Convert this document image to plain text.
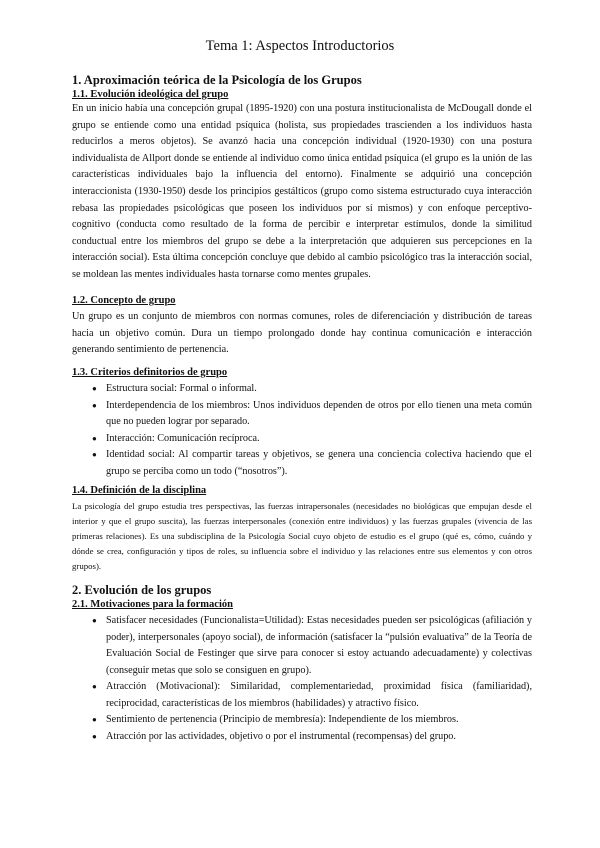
Tema 1: Aspectos Introductorios
1. Aproximación teórica de la Psicología de los Grupos
1.1. Evolución ideológica del grupo

En un inicio había una concepción grupal (1895-1920) con una postura institucionalista de McDougall donde el grupo se entiende como una entidad psíquica (holista, sus propiedades trascienden a los individuos hasta reducirlos a meros objetos). Se avanzó hacia una concepción individual (1920-1930) con una postura individualista de Allport donde se entiende al individuo como única entidad psíquica (el grupo es la unión de las características individuales bajo la influencia del entorno). Finalmente se adquirió una concepción interaccionista (1930-1950) desde los principios gestálticos (grupo como sistema estructurado cuya interacción rebasa las propiedades psicológicas que poseen los individuos por sí mismos) y con enfoque perceptivo-cognitivo (conducta como resultado de la forma de percibir e interpretar estímulos, donde la similitud conductual entre los miembros del grupo se debe a la interpretación que adquieren sus percepciones en la interacción social). Esta última concepción concluye que debido al cambio psicológico tras la interacción social, se moldean las mentes individuales hasta tornarse como mentes grupales.

1.2. Concepto de grupo

Un grupo es un conjunto de miembros con normas comunes, roles de diferenciación y distribución de tareas hacia un objetivo común. Dura un tiempo prolongado donde hay continua comunicación e interacción generando sentimiento de pertenencia.

1.3. Criterios definitorios de grupo
● Estructura social: Formal o informal.
● Interdependencia de los miembros: Unos individuos dependen de otros por ello tienen una meta común que no pueden lograr por separado.
● Interacción: Comunicación recíproca.
● Identidad social: Al compartir tareas y objetivos, se genera una conciencia colectiva haciendo que el grupo se perciba como un todo (“nosotros”).
1.4. Definición de la disciplina

La psicología del grupo estudia tres perspectivas, las fuerzas intrapersonales (necesidades no biológicas que empujan desde el interior y que el grupo suscita), las fuerzas interpersonales (conexión entre individuos) y las fuerzas grupales (vivencia de las primeras relaciones). Es una subdisciplina de la Psicología Social cuyo objeto de estudio es el grupo (qué es, cómo, cuándo y dónde se crea, configuración y tipos de roles, su influencia sobre el individuo y las relaciones entre sus elementos y con otros grupos).

2. Evolución de los grupos
2.1. Motivaciones para la formación
● Satisfacer necesidades (Funcionalista=Utilidad): Estas necesidades pueden ser psicológicas (afiliación y poder), interpersonales (apoyo social), de información (satisfacer la “pulsión evaluativa” de la Teoría de Evaluación Social de Festinger que sirve para conocer si estoy actuando adecuadamente) y colectivas (conseguir metas que solo se consiguen en grupo).
● Atracción (Motivacional): Similaridad, complementariedad, proximidad física (familiaridad), reciprocidad, características de los miembros (habilidades) y atractivo físico.
● Sentimiento de pertenencia (Principio de membresía): Independiente de los miembros.
● Atracción por las actividades, objetivo o por el instrumental (recompensas) del grupo.
